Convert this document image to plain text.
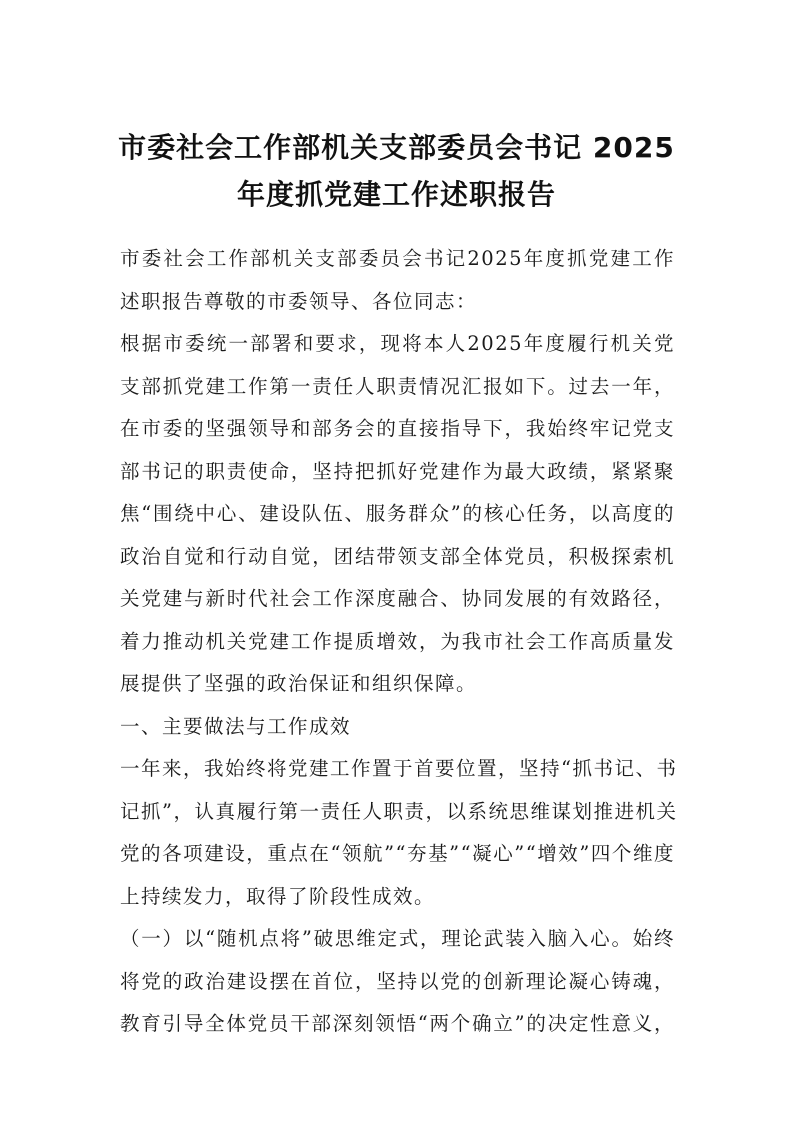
市委社会工作部机关支部委员会书记 2025
年度抓党建工作述职报告
市委社会工作部机关支部委员会书记2025年度抓党建工作
述职报告尊敬的市委领导、各位同志：
根据市委统一部署和要求，现将本人2025年度履行机关党
支部抓党建工作第一责任人职责情况汇报如下。过去一年，
在市委的坚强领导和部务会的直接指导下，我始终牢记党支
部书记的职责使命，坚持把抓好党建作为最大政绩，紧紧聚
焦“围绕中心、建设队伍、服务群众”的核心任务，以高度的
政治自觉和行动自觉，团结带领支部全体党员，积极探索机
关党建与新时代社会工作深度融合、协同发展的有效路径，
着力推动机关党建工作提质增效，为我市社会工作高质量发
展提供了坚强的政治保证和组织保障。
一、主要做法与工作成效
一年来，我始终将党建工作置于首要位置，坚持“抓书记、书
记抓”，认真履行第一责任人职责，以系统思维谋划推进机关
党的各项建设，重点在“领航”“夯基”“凝心”“增效”四个维度
上持续发力，取得了阶段性成效。
（一）以“随机点将”破思维定式，理论武装入脑入心。始终
将党的政治建设摆在首位，坚持以党的创新理论凝心铸魂，
教育引导全体党员干部深刻领悟“两个确立”的决定性意义，
